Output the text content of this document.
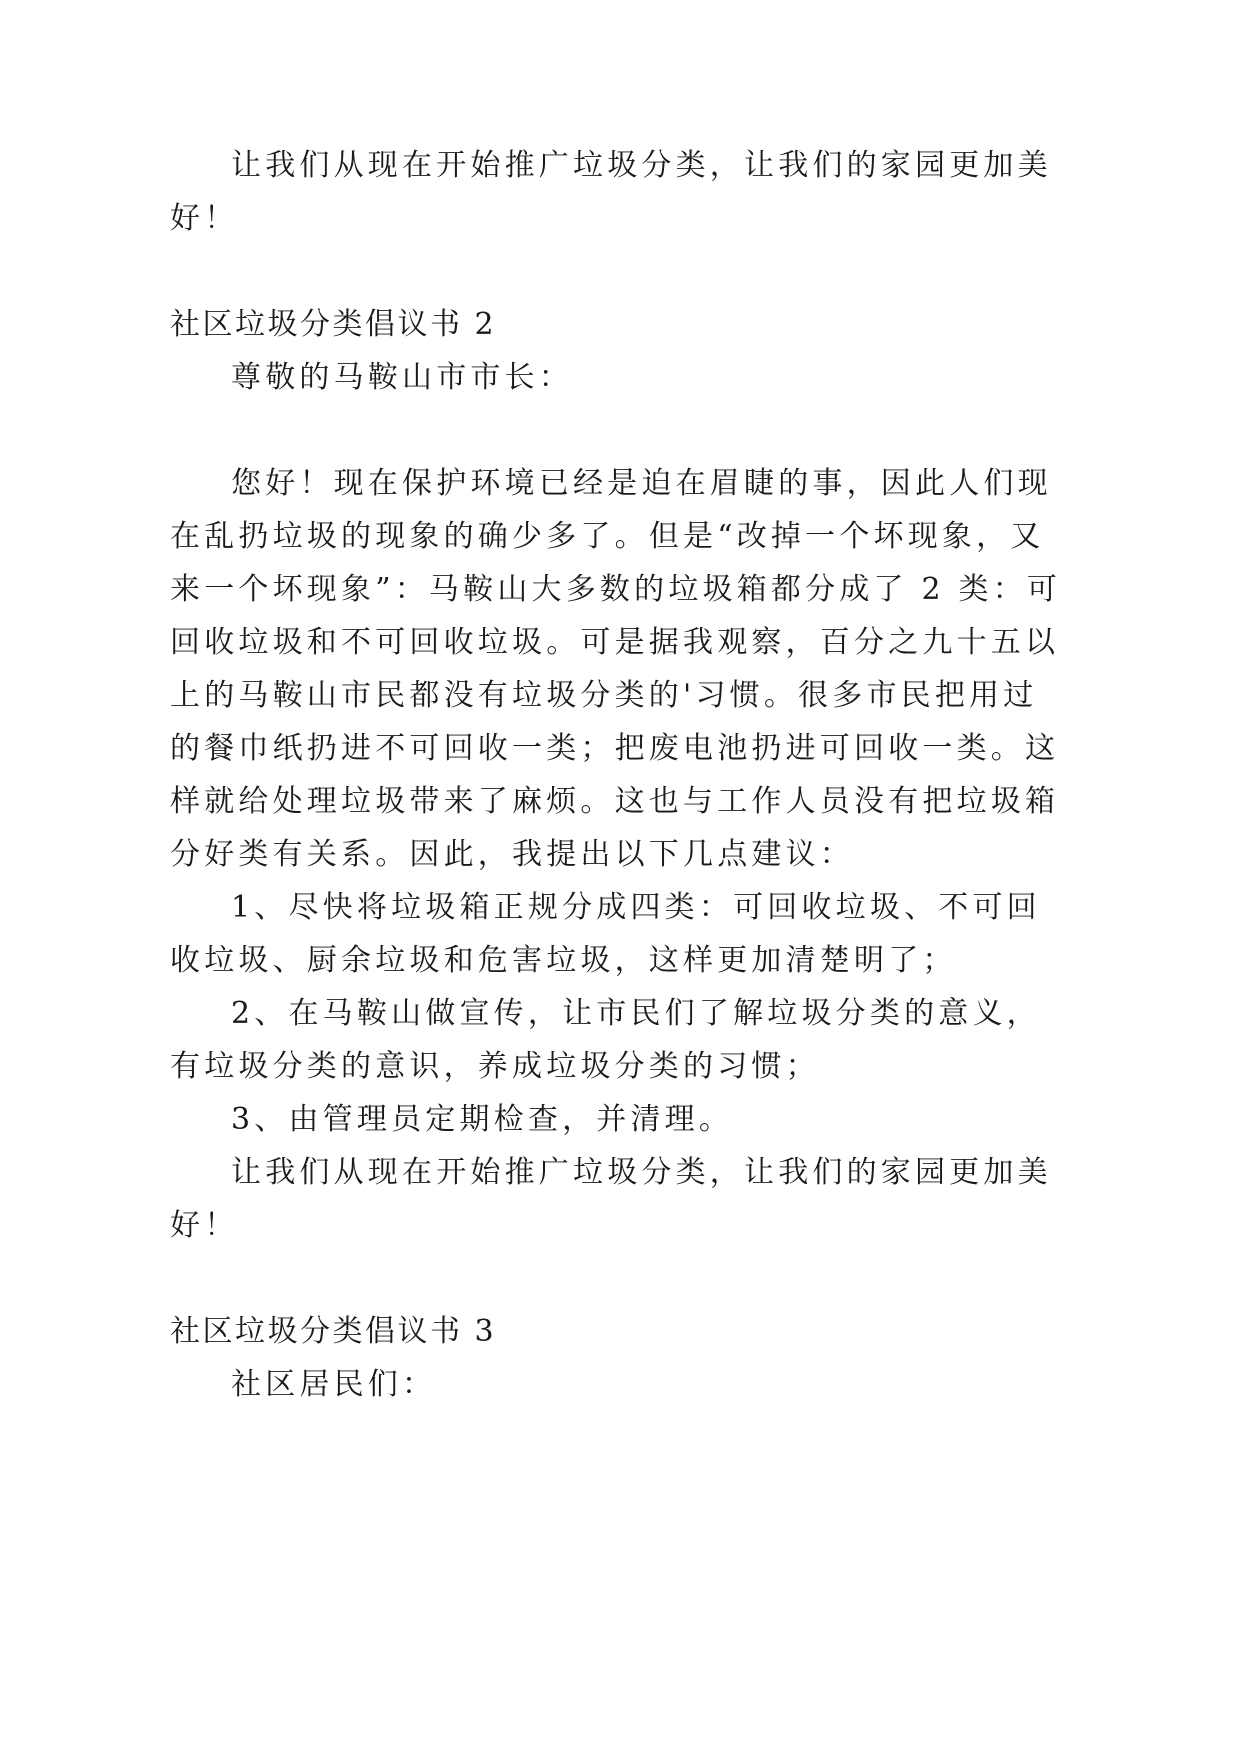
让我们从现在开始推广垃圾分类，让我们的家园更加美
好！
社区垃圾分类倡议书 2
尊敬的马鞍山市市长：
您好！现在保护环境已经是迫在眉睫的事，因此人们现
在乱扔垃圾的现象的确少多了。但是“改掉一个坏现象，又
来一个坏现象”：马鞍山大多数的垃圾箱都分成了 2 类：可
回收垃圾和不可回收垃圾。可是据我观察，百分之九十五以
上的马鞍山市民都没有垃圾分类的'习惯。很多市民把用过
的餐巾纸扔进不可回收一类；把废电池扔进可回收一类。这
样就给处理垃圾带来了麻烦。这也与工作人员没有把垃圾箱
分好类有关系。因此，我提出以下几点建议：
1、尽快将垃圾箱正规分成四类：可回收垃圾、不可回
收垃圾、厨余垃圾和危害垃圾，这样更加清楚明了；
2、在马鞍山做宣传，让市民们了解垃圾分类的意义，
有垃圾分类的意识，养成垃圾分类的习惯；
3、由管理员定期检查，并清理。
让我们从现在开始推广垃圾分类，让我们的家园更加美
好！
社区垃圾分类倡议书 3
社区居民们：
